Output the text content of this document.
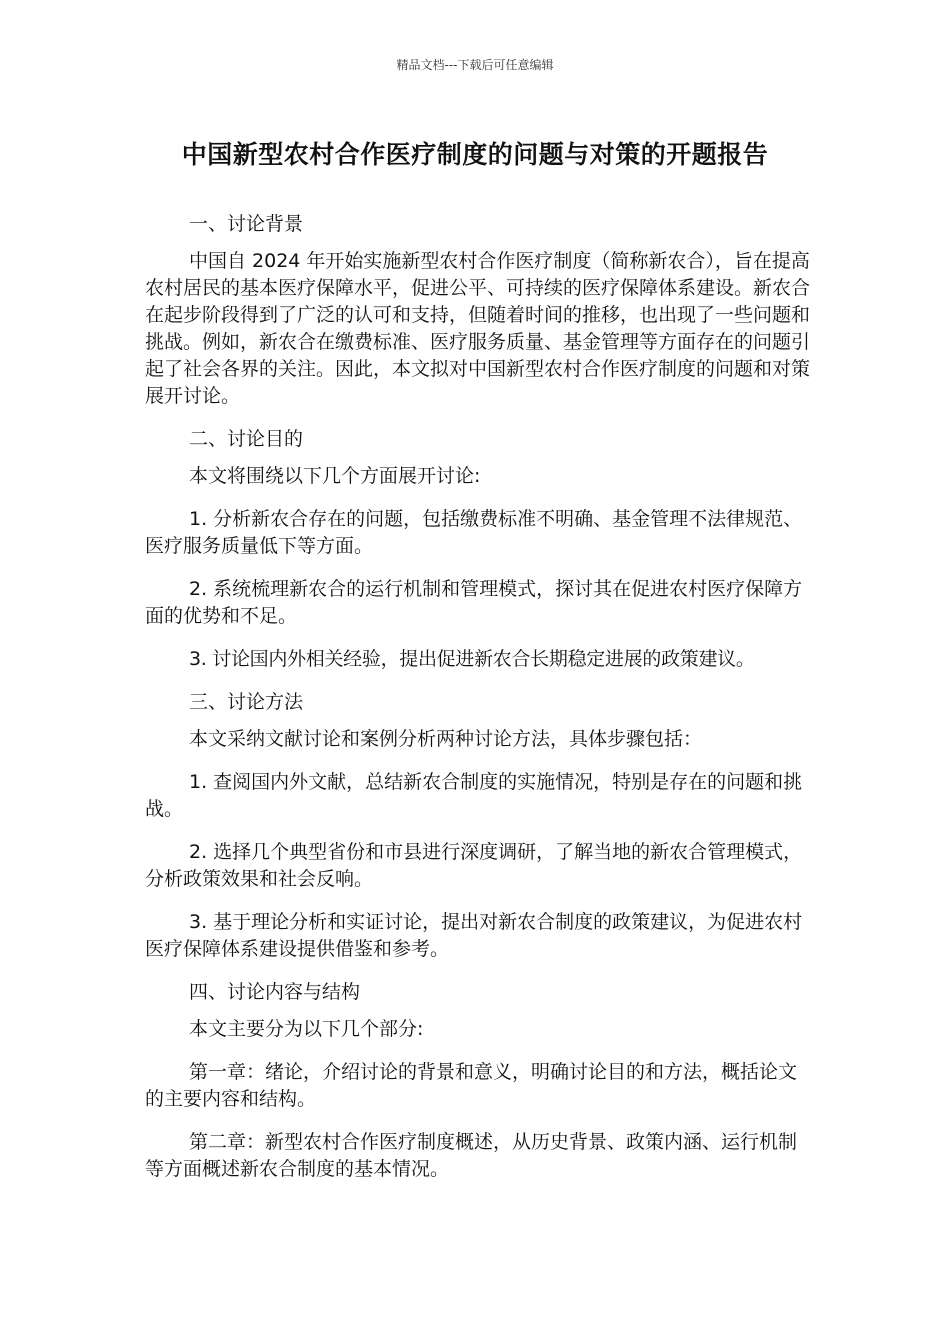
精品文档---下载后可任意编辑
中国新型农村合作医疗制度的问题与对策的开题报告

一、讨论背景

中国自 2024 年开始实施新型农村合作医疗制度（简称新农合），旨在提高农村居民的基本医疗保障水平，促进公平、可持续的医疗保障体系建设。新农合在起步阶段得到了广泛的认可和支持，但随着时间的推移，也出现了一些问题和挑战。例如，新农合在缴费标准、医疗服务质量、基金管理等方面存在的问题引起了社会各界的关注。因此，本文拟对中国新型农村合作医疗制度的问题和对策展开讨论。

二、讨论目的

本文将围绕以下几个方面展开讨论:

1. 分析新农合存在的问题，包括缴费标准不明确、基金管理不法律规范、医疗服务质量低下等方面。

2. 系统梳理新农合的运行机制和管理模式，探讨其在促进农村医疗保障方面的优势和不足。

3. 讨论国内外相关经验，提出促进新农合长期稳定进展的政策建议。

三、讨论方法

本文采纳文献讨论和案例分析两种讨论方法，具体步骤包括：

1. 查阅国内外文献，总结新农合制度的实施情况，特别是存在的问题和挑战。

2. 选择几个典型省份和市县进行深度调研，了解当地的新农合管理模式，分析政策效果和社会反响。

3. 基于理论分析和实证讨论，提出对新农合制度的政策建议，为促进农村医疗保障体系建设提供借鉴和参考。

四、讨论内容与结构

本文主要分为以下几个部分:

第一章：绪论，介绍讨论的背景和意义，明确讨论目的和方法，概括论文的主要内容和结构。

第二章：新型农村合作医疗制度概述，从历史背景、政策内涵、运行机制等方面概述新农合制度的基本情况。
